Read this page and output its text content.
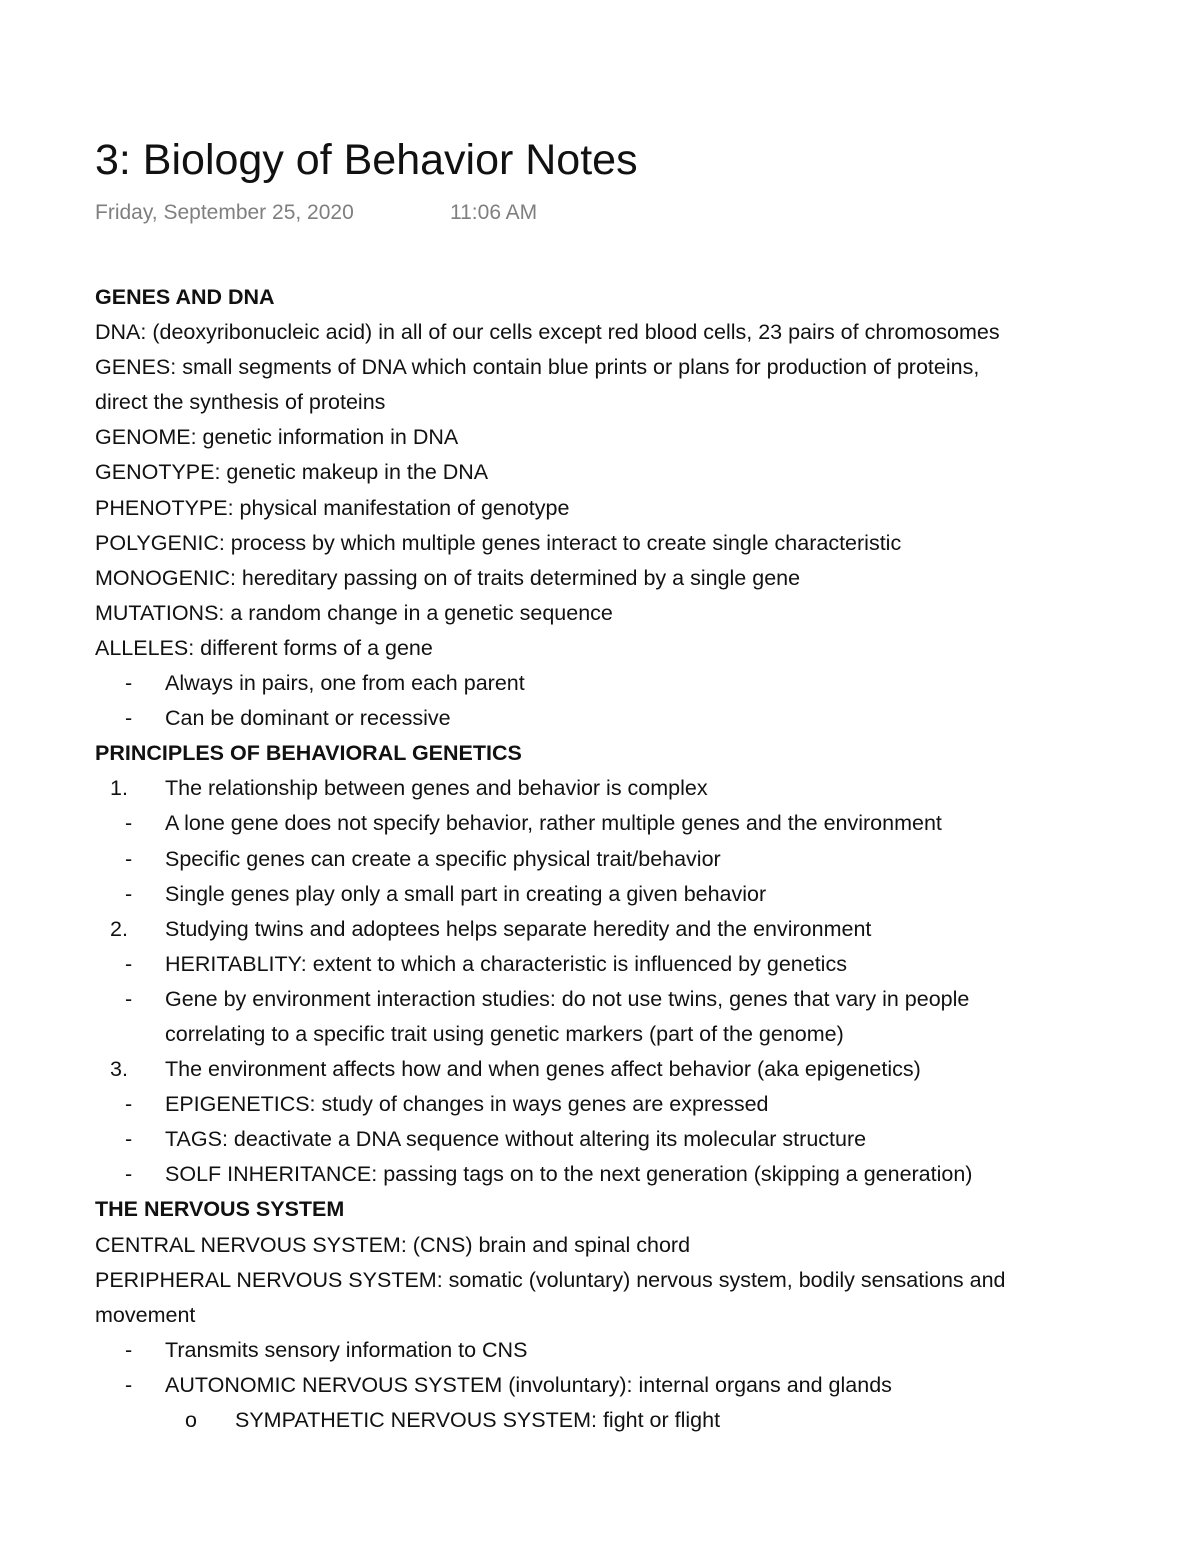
3: Biology of Behavior Notes
Friday, September 25, 2020	11:06 AM
GENES AND DNA
DNA: (deoxyribonucleic acid) in all of our cells except red blood cells, 23 pairs of chromosomes
GENES: small segments of DNA which contain blue prints or plans for production of proteins,
direct the synthesis of proteins
GENOME: genetic information in DNA
GENOTYPE: genetic makeup in the DNA
PHENOTYPE: physical manifestation of genotype
POLYGENIC: process by which multiple genes interact to create single characteristic
MONOGENIC: hereditary passing on of traits determined by a single gene
MUTATIONS: a random change in a genetic sequence
ALLELES: different forms of a gene
-	Always in pairs, one from each parent
-	Can be dominant or recessive
PRINCIPLES OF BEHAVIORAL GENETICS
1.	The relationship between genes and behavior is complex
-	A lone gene does not specify behavior, rather multiple genes and the environment
-	Specific genes can create a specific physical trait/behavior
-	Single genes play only a small part in creating a given behavior
2.	Studying twins and adoptees helps separate heredity and the environment
-	HERITABLITY: extent to which a characteristic is influenced by genetics
-	Gene by environment interaction studies: do not use twins, genes that vary in people
correlating to a specific trait using genetic markers (part of the genome)
3.	The environment affects how and when genes affect behavior (aka epigenetics)
-	EPIGENETICS: study of changes in ways genes are expressed
-	TAGS: deactivate a DNA sequence without altering its molecular structure
-	SOLF INHERITANCE: passing tags on to the next generation (skipping a generation)
THE NERVOUS SYSTEM
CENTRAL NERVOUS SYSTEM: (CNS) brain and spinal chord
PERIPHERAL NERVOUS SYSTEM: somatic (voluntary) nervous system, bodily sensations and
movement
-	Transmits sensory information to CNS
-	AUTONOMIC NERVOUS SYSTEM (involuntary): internal organs and glands
o	SYMPATHETIC NERVOUS SYSTEM: fight or flight
